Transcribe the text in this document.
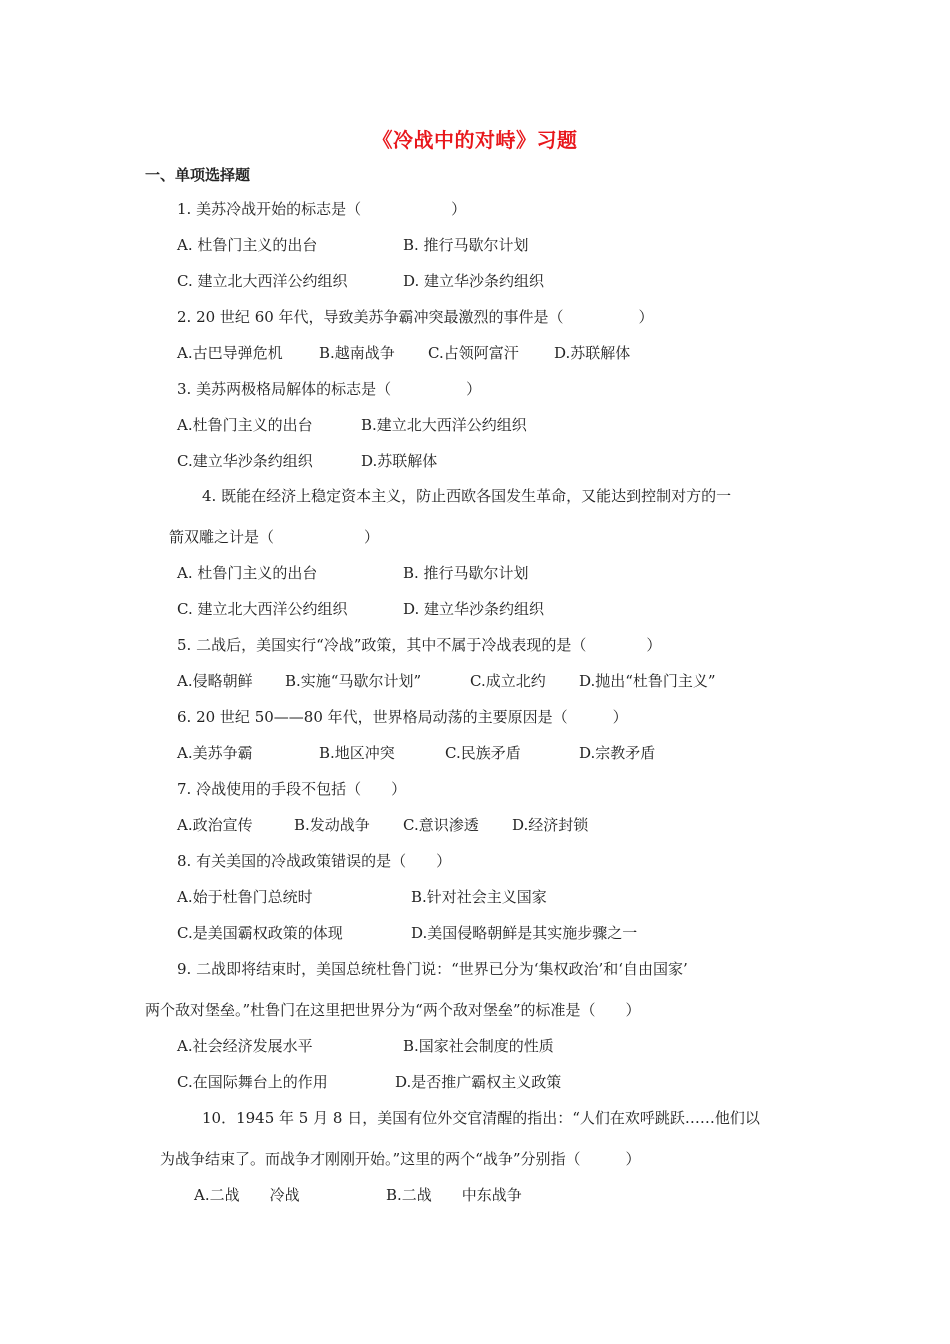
《冷战中的对峙》习题
一、单项选择题
1. 美苏冷战开始的标志是（　　　　　　）
A. 杜鲁门主义的出台	B. 推行马歇尔计划
C. 建立北大西洋公约组织	D. 建立华沙条约组织
2. 20 世纪 60 年代，导致美苏争霸冲突最激烈的事件是（　　　　　）
A.古巴导弹危机 B.越南战争 C.占领阿富汗 D.苏联解体
3. 美苏两极格局解体的标志是（　　　　　）
A.杜鲁门主义的出台	B.建立北大西洋公约组织
C.建立华沙条约组织	D.苏联解体
4. 既能在经济上稳定资本主义，防止西欧各国发生革命，又能达到控制对方的一
箭双雕之计是（　　　　　　）
A. 杜鲁门主义的出台	B. 推行马歇尔计划
C. 建立北大西洋公约组织	D. 建立华沙条约组织
5. 二战后，美国实行“冷战”政策，其中不属于冷战表现的是（　　　　）
A.侵略朝鲜 B.实施“马歇尔计划”	C.成立北约 D.抛出“杜鲁门主义”
6. 20 世纪 50——80 年代，世界格局动荡的主要原因是（　　　）
A.美苏争霸	B.地区冲突	C.民族矛盾	D.宗教矛盾
7. 冷战使用的手段不包括（　　）
A.政治宣传	B.发动战争 C.意识渗透 D.经济封锁
8. 有关美国的冷战政策错误的是（　　）
A.始于杜鲁门总统时	B.针对社会主义国家
C.是美国霸权政策的体现	D.美国侵略朝鲜是其实施步骤之一
9. 二战即将结束时，美国总统杜鲁门说：“世界已分为‘集权政治’和‘自由国家’
两个敌对堡垒。”杜鲁门在这里把世界分为“两个敌对堡垒”的标准是（　　）
A.社会经济发展水平	B.国家社会制度的性质
C.在国际舞台上的作用	D.是否推广霸权主义政策
10．1945 年 5 月 8 日，美国有位外交官清醒的指出：“人们在欢呼跳跃……他们以
为战争结束了。而战争才刚刚开始。”这里的两个“战争”分别指（　　　）
A.二战　　冷战	B.二战　　中东战争
